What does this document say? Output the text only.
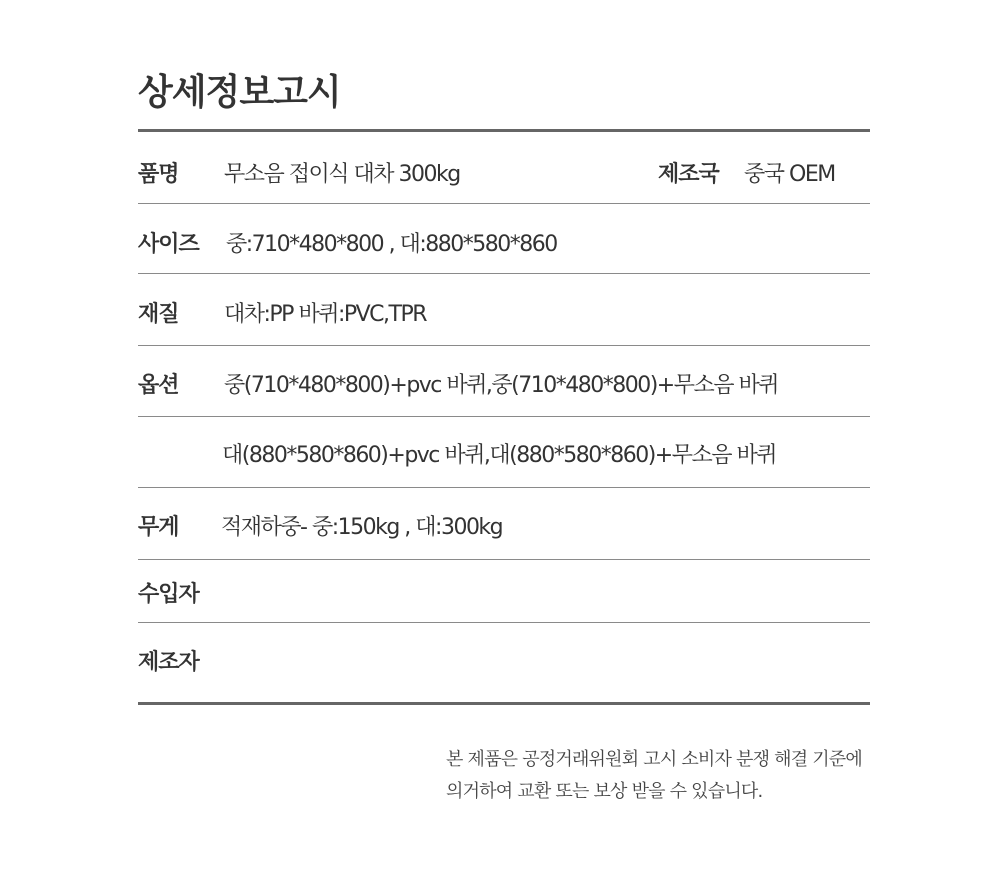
상세정보고시
품명 무소음 접이식 대차 300kg	제조국 중국 OEM
사이즈 중:710*480*800 , 대:880*580*860
재질 대차:PP 바퀴:PVC,TPR
옵션 중(710*480*800)+pvc 바퀴,중(710*480*800)+무소음 바퀴
대(880*580*860)+pvc 바퀴,대(880*580*860)+무소음 바퀴
무게 적재하중- 중:150kg , 대:300kg
수입자
제조자
본 제품은 공정거래위원회 고시 소비자 분쟁 해결 기준에
의거하여 교환 또는 보상 받을 수 있습니다.
